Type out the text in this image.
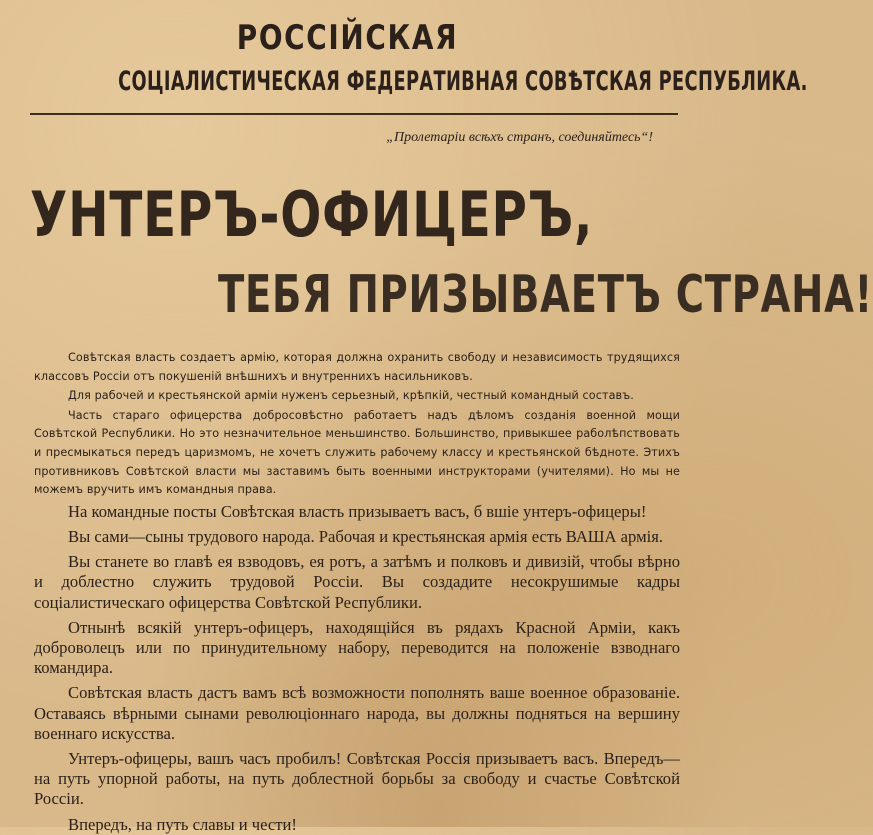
РОССІЙСКАЯ
СОЦІАЛИСТИЧЕСКАЯ ФЕДЕРАТИВНАЯ СОВѢТСКАЯ РЕСПУБЛИКА.
„Пролетаріи всѣхъ странъ, соединяйтесь“!
УНТЕРЪ-ОФИЦЕРЪ,
ТЕБЯ ПРИЗЫВАЕТЪ СТРАНА!

Совѣтская власть создаетъ армію, которая должна охранить свободу и независимость трудящихся классовъ Россіи отъ покушеній внѣшнихъ и внутреннихъ насильниковъ.

Для рабочей и крестьянской арміи нуженъ серьезный, крѣпкій, честный командный составъ.

Часть стараго офицерства добросовѣстно работаетъ надъ дѣломъ созданія военной мощи Совѣтской Республики. Но это незначительное меньшинство. Большинство, привыкшее раболѣпствовать и пресмыкаться передъ царизмомъ, не хочетъ служить рабочему классу и крестьянской бѣдноте. Этихъ противниковъ Совѣтской власти мы заставимъ быть военными инструкторами (учителями). Но мы не можемъ вручить имъ командныя права.

На командные посты Совѣтская власть призываетъ васъ, б вшіе унтеръ-офицеры!

Вы сами—сыны трудового народа. Рабочая и крестьянская армія есть ВАША армія.

Вы станете во главѣ ея взводовъ, ея ротъ, а затѣмъ и полковъ и дивизій, чтобы вѣрно и доблестно служить трудовой Россіи. Вы создадите несокрушимые кадры соціалистическаго офицерства Совѣтской Республики.

Отнынѣ всякій унтеръ-офицеръ, находящійся въ рядахъ Красной Арміи, какъ доброволецъ или по принудительному набору, переводится на положеніе взводнаго командира.

Совѣтская власть дастъ вамъ всѣ возможности пополнять ваше военное образованіе. Оставаясь вѣрными сынами революціоннаго народа, вы должны подняться на вершину военнаго искусства.

Унтеръ-офицеры, вашъ часъ пробилъ! Совѣтская Россія призываетъ васъ. Впередъ—на путь упорной работы, на путь доблестной борьбы за свободу и счастье Совѣтской Россіи.

Впередъ, на путь славы и чести!
